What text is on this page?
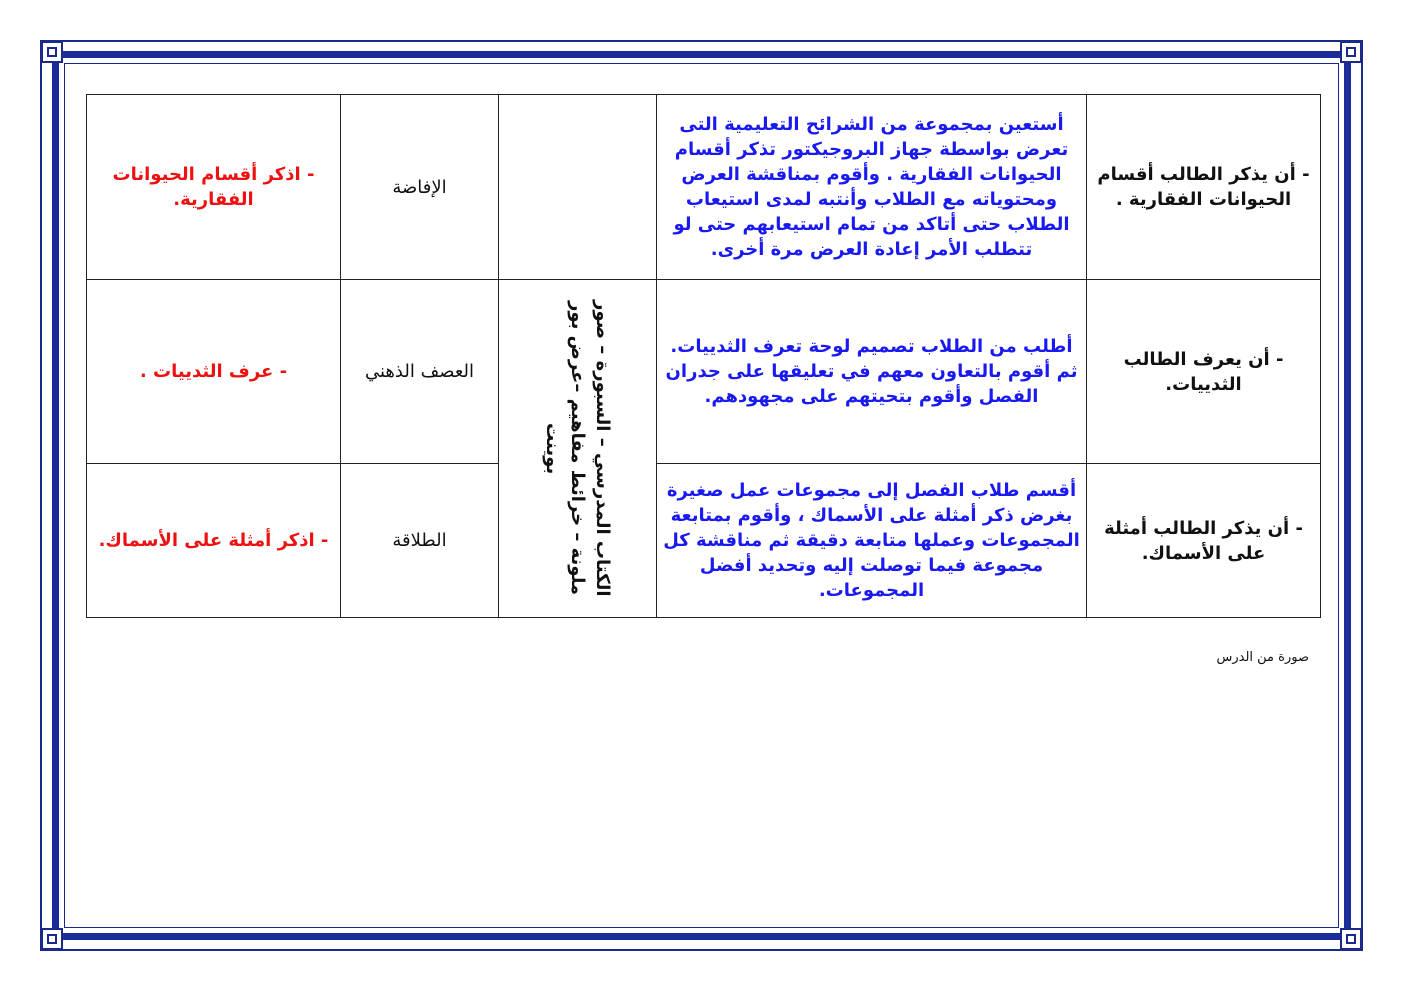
- أن يذكر الطالب أقسام الحيوانات الفقارية .	أستعين بمجموعة من الشرائح التعليمية التى تعرض بواسطة جهاز البروجيكتور تذكر أقسام الحيوانات الفقارية . وأقوم بمناقشة العرض ومحتوياته مع الطلاب وأنتبه لمدى استيعاب الطلاب حتى أتاكد من تمام استيعابهم حتى لو تتطلب الأمر إعادة العرض مرة أخرى.		الإفاضة	- اذكر أقسام الحيوانات الفقارية.
- أن يعرف الطالب الثدييات.	أطلب من الطلاب تصميم لوحة تعرف الثدييات. ثم أقوم بالتعاون معهم في تعليقها على جدران الفصل وأقوم بتحيتهم على مجهودهم.	الكتاب المدرسي – السبورة – صور ملونة – خرائط مفاهيم –عرض بور بوينت	العصف الذهني	- عرف الثدييات .
- أن يذكر الطالب أمثلة على الأسماك.	أقسم طلاب الفصل إلى مجموعات عمل صغيرة بغرض ذكر أمثلة على الأسماك ، وأقوم بمتابعة المجموعات وعملها متابعة دقيقة ثم مناقشة كل مجموعة فيما توصلت إليه وتحديد أفضل المجموعات.		الطلاقة	- اذكر أمثلة على الأسماك.
صورة من الدرس
